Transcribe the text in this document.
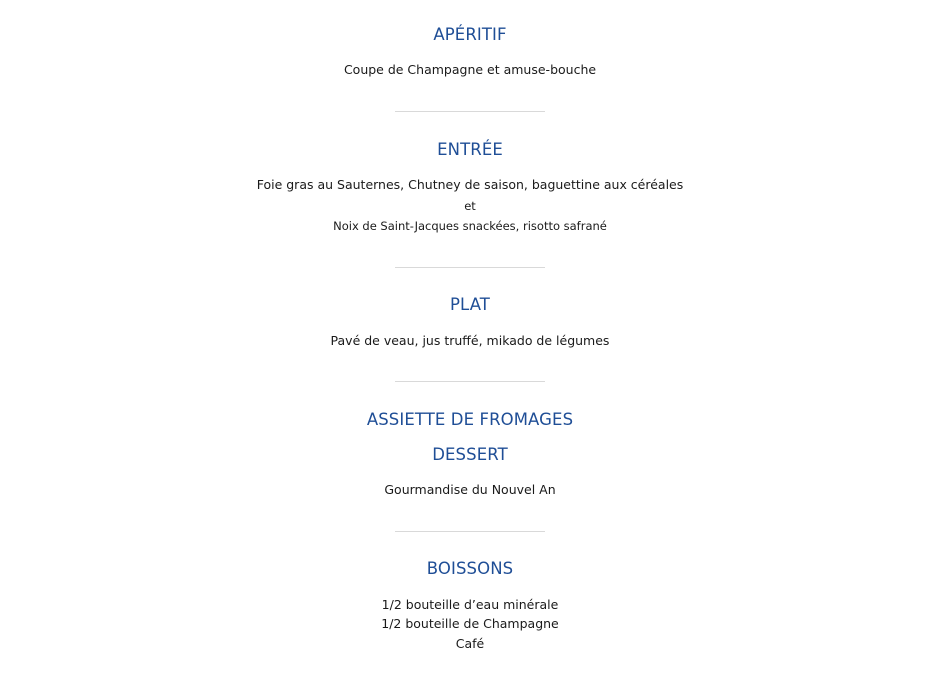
APÉRITIF
Coupe de Champagne et amuse-bouche
ENTRÉE
Foie gras au Sauternes, Chutney de saison, baguettine aux céréales
et
Noix de Saint-Jacques snackées, risotto safrané
PLAT
Pavé de veau, jus truffé, mikado de légumes
ASSIETTE DE FROMAGES
DESSERT
Gourmandise du Nouvel An
BOISSONS
1/2 bouteille d’eau minérale
1/2 bouteille de Champagne
Café
